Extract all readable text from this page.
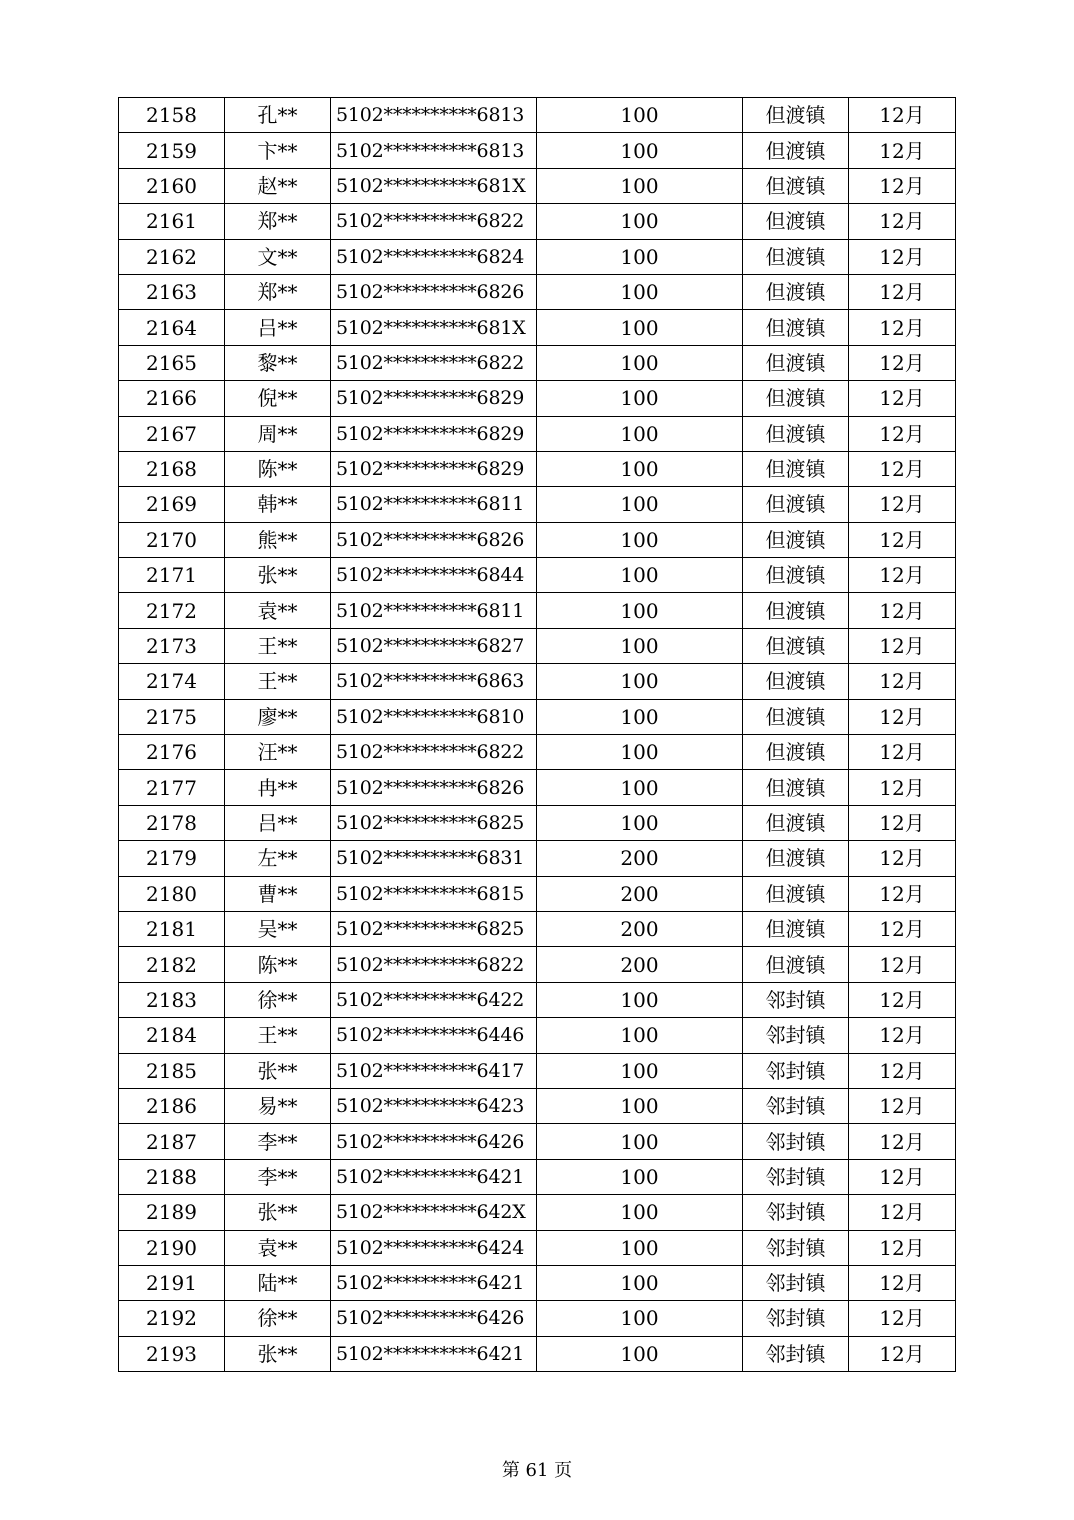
2158	孔**	5102**********6813	100	但渡镇	12月
2159	卞**	5102**********6813	100	但渡镇	12月
2160	赵**	5102**********681X	100	但渡镇	12月
2161	郑**	5102**********6822	100	但渡镇	12月
2162	文**	5102**********6824	100	但渡镇	12月
2163	郑**	5102**********6826	100	但渡镇	12月
2164	吕**	5102**********681X	100	但渡镇	12月
2165	黎**	5102**********6822	100	但渡镇	12月
2166	倪**	5102**********6829	100	但渡镇	12月
2167	周**	5102**********6829	100	但渡镇	12月
2168	陈**	5102**********6829	100	但渡镇	12月
2169	韩**	5102**********6811	100	但渡镇	12月
2170	熊**	5102**********6826	100	但渡镇	12月
2171	张**	5102**********6844	100	但渡镇	12月
2172	袁**	5102**********6811	100	但渡镇	12月
2173	王**	5102**********6827	100	但渡镇	12月
2174	王**	5102**********6863	100	但渡镇	12月
2175	廖**	5102**********6810	100	但渡镇	12月
2176	汪**	5102**********6822	100	但渡镇	12月
2177	冉**	5102**********6826	100	但渡镇	12月
2178	吕**	5102**********6825	100	但渡镇	12月
2179	左**	5102**********6831	200	但渡镇	12月
2180	曹**	5102**********6815	200	但渡镇	12月
2181	吴**	5102**********6825	200	但渡镇	12月
2182	陈**	5102**********6822	200	但渡镇	12月
2183	徐**	5102**********6422	100	邻封镇	12月
2184	王**	5102**********6446	100	邻封镇	12月
2185	张**	5102**********6417	100	邻封镇	12月
2186	易**	5102**********6423	100	邻封镇	12月
2187	李**	5102**********6426	100	邻封镇	12月
2188	李**	5102**********6421	100	邻封镇	12月
2189	张**	5102**********642X	100	邻封镇	12月
2190	袁**	5102**********6424	100	邻封镇	12月
2191	陆**	5102**********6421	100	邻封镇	12月
2192	徐**	5102**********6426	100	邻封镇	12月
2193	张**	5102**********6421	100	邻封镇	12月
第 61 页
